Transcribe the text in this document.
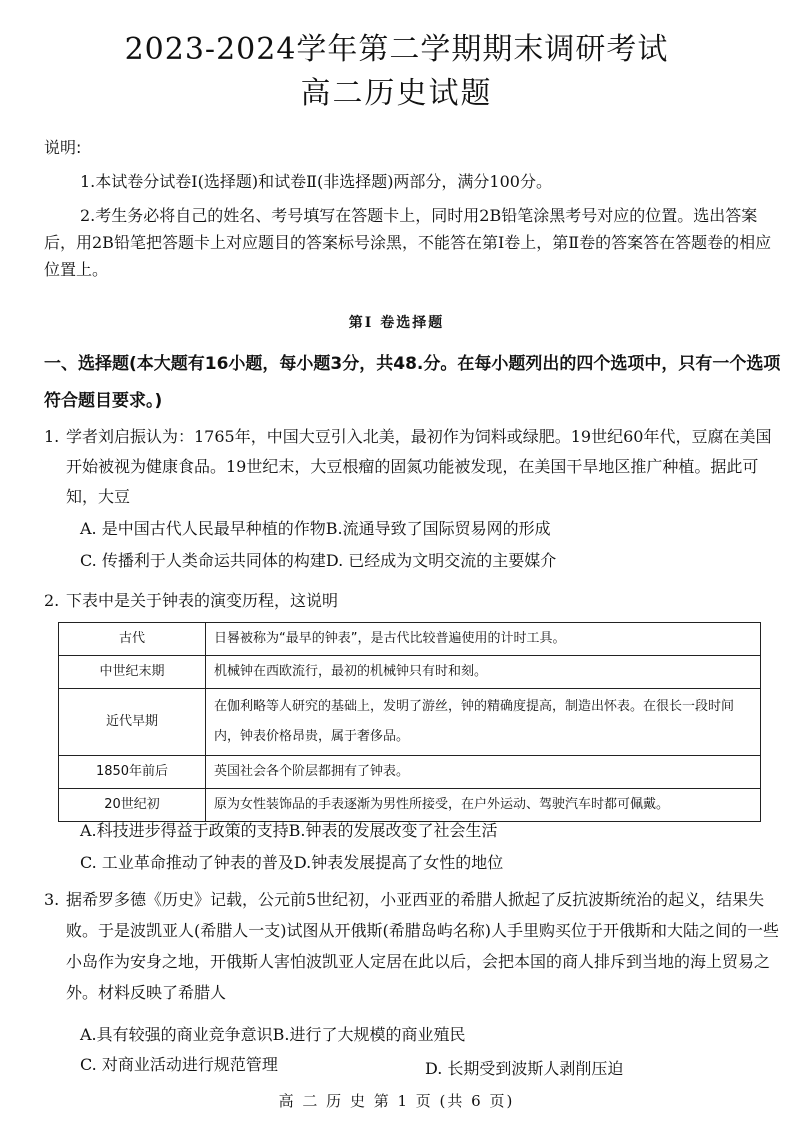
2023-2024学年第二学期期末调研考试
高二历史试题
说明:
1.本试卷分试卷I(选择题)和试卷Ⅱ(非选择题)两部分，满分100分。
2.考生务必将自己的姓名、考号填写在答题卡上，同时用2B铅笔涂黑考号对应的位置。选出答案后，用2B铅笔把答题卡上对应题目的答案标号涂黑，不能答在第I卷上，第Ⅱ卷的答案答在答题卷的相应位置上。
第I 卷选择题
一、选择题(本大题有16小题，每小题3分，共48.分。在每小题列出的四个选项中，只有一个选项符合题目要求。)
1. 学者刘启振认为：1765年，中国大豆引入北美，最初作为饲料或绿肥。19世纪60年代，豆腐在美国开始被视为健康食品。19世纪末，大豆根瘤的固氮功能被发现，在美国干旱地区推广种植。据此可知，大豆
A. 是中国古代人民最早种植的作物B.流通导致了国际贸易网的形成
C. 传播利于人类命运共同体的构建D. 已经成为文明交流的主要媒介
2. 下表中是关于钟表的演变历程，这说明
古代	日晷被称为“最早的钟表”，是古代比较普遍使用的计时工具。
中世纪末期	机械钟在西欧流行，最初的机械钟只有时和刻。
近代早期	在伽利略等人研究的基础上，发明了游丝，钟的精确度提高，制造出怀表。在很长一段时间内，钟表价格昂贵，属于奢侈品。
1850年前后	英国社会各个阶层都拥有了钟表。
20世纪初	原为女性装饰品的手表逐渐为男性所接受，在户外运动、驾驶汽车时都可佩戴。
A.科技进步得益于政策的支持B.钟表的发展改变了社会生活
C. 工业革命推动了钟表的普及D.钟表发展提高了女性的地位
3. 据希罗多德《历史》记载，公元前5世纪初，小亚西亚的希腊人掀起了反抗波斯统治的起义，结果失败。于是波凯亚人(希腊人一支)试图从开俄斯(希腊岛屿名称)人手里购买位于开俄斯和大陆之间的一些小岛作为安身之地，开俄斯人害怕波凯亚人定居在此以后，会把本国的商人排斥到当地的海上贸易之外。材料反映了希腊人
A.具有较强的商业竞争意识B.进行了大规模的商业殖民
C. 对商业活动进行规范管理	D. 长期受到波斯人剥削压迫
高 二 历 史 第 1 页 (共 6 页)
